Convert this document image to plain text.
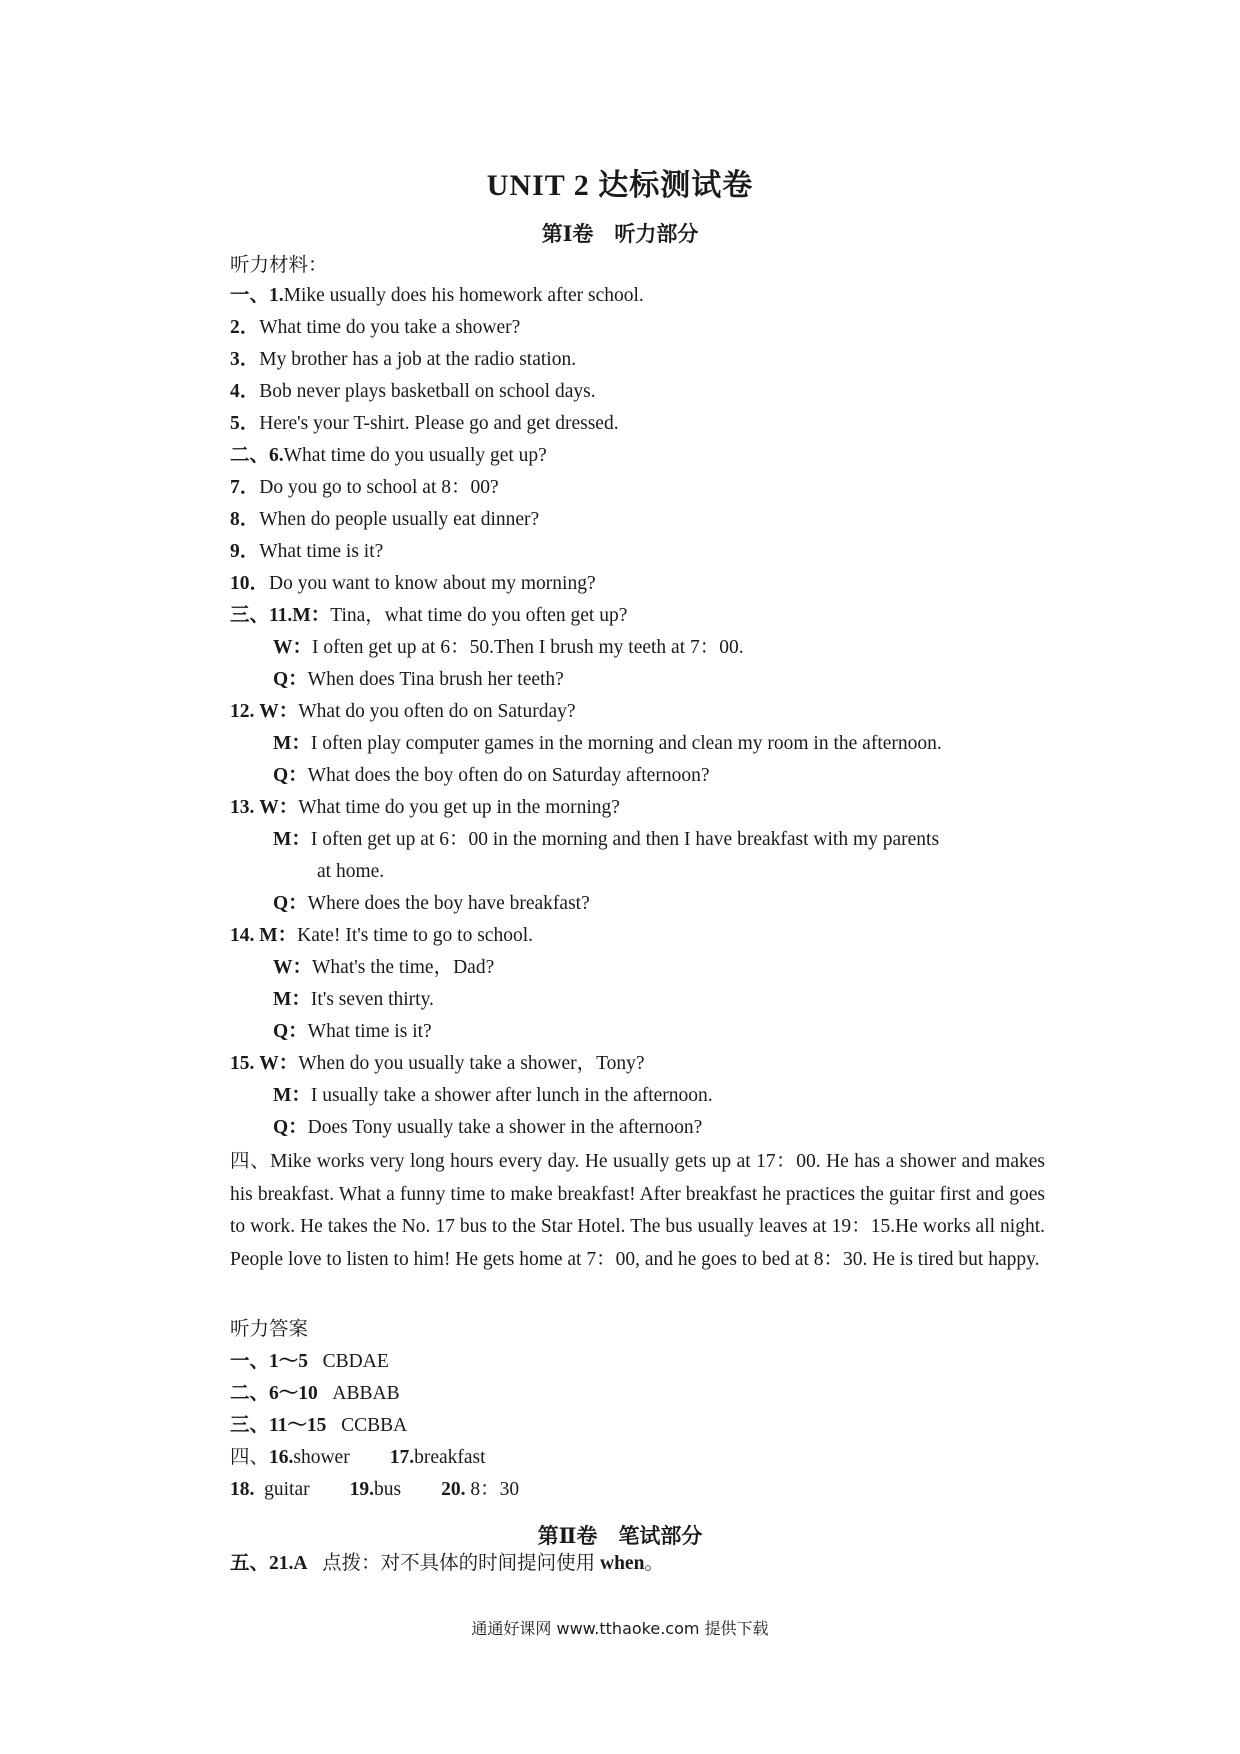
UNIT 2 达标测试卷
第Ⅰ卷　听力部分
听力材料：
一、1.Mike usually does his homework after school.
2．What time do you take a shower?
3．My brother has a job at the radio station.
4．Bob never plays basketball on school days.
5．Here's your T-shirt. Please go and get dressed.
二、6.What time do you usually get up?
7．Do you go to school at 8：00?
8．When do people usually eat dinner?
9．What time is it?
10．Do you want to know about my morning?
三、11.M：Tina，what time do you often get up?
W：I often get up at 6：50.Then I brush my teeth at 7：00.
Q：When does Tina brush her teeth?
12. W：What do you often do on Saturday?
M：I often play computer games in the morning and clean my room in the afternoon.
Q：What does the boy often do on Saturday afternoon?
13. W：What time do you get up in the morning?
M：I often get up at 6：00 in the morning and then I have breakfast with my parents
at home.
Q：Where does the boy have breakfast?
14. M：Kate! It's time to go to school.
W：What's the time，Dad?
M：It's seven thirty.
Q：What time is it?
15. W：When do you usually take a shower，Tony?
M：I usually take a shower after lunch in the afternoon.
Q：Does Tony usually take a shower in the afternoon?
四、Mike works very long hours every day. He usually gets up at 17：00. He has a shower and makes his breakfast. What a funny time to make breakfast! After breakfast he practices the guitar first and goes to work. He takes the No. 17 bus to the Star Hotel. The bus usually leaves at 19：15.He works all night. People love to listen to him! He gets home at 7：00, and he goes to bed at 8：30. He is tired but happy.
听力答案
一、1～5 CBDAE
二、6～10 ABBAB
三、11～15 CCBBA
四、16.shower 17.breakfast
18. guitar 19.bus 20. 8：30
第Ⅱ卷　笔试部分
五、21.A 点拨：对不具体的时间提问使用 when。
通通好课网 www.tthaoke.com 提供下载
